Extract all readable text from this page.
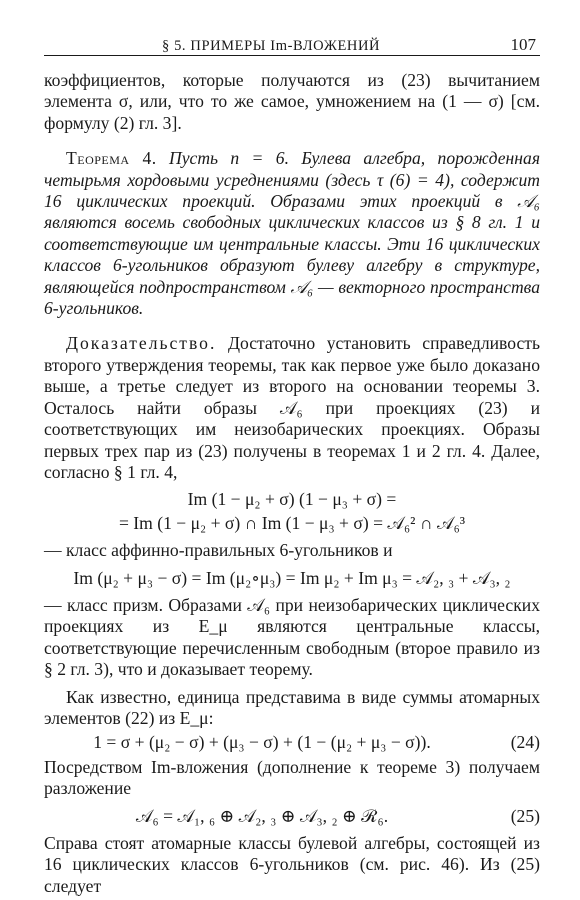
§ 5. ПРИМЕРЫ Im-ВЛОЖЕНИЙ	107

коэффициентов, которые получаются из (23) вычитанием элемента σ, или, что то же самое, умножением на (1 — σ) [см. формулу (2) гл. 3].

Теорема 4. Пусть n = 6. Булева алгебра, порожденная четырьмя хордовыми усреднениями (здесь τ (6) = 4), содержит 16 циклических проекций. Образами этих проекций в 𝒜₆ являются восемь свободных циклических классов из § 8 гл. 1 и соответствующие им центральные классы. Эти 16 циклических классов 6-угольников образуют булеву алгебру в структуре, являющейся подпространством 𝒜₆ — векторного пространства 6-угольников.

Доказательство. Достаточно установить справедливость второго утверждения теоремы, так как первое уже было доказано выше, а третье следует из второго на основании теоремы 3. Осталось найти образы 𝒜₆ при проекциях (23) и соответствующих им неизобарических проекциях. Образы первых трех пар из (23) получены в теоремах 1 и 2 гл. 4. Далее, согласно § 1 гл. 4,

Im (1 − μ₂ + σ) (1 − μ₃ + σ) =
= Im (1 − μ₂ + σ) ∩ Im (1 − μ₃ + σ) = 𝒜₆² ∩ 𝒜₆³

— класс аффинно-правильных 6-угольников и

Im (μ₂ + μ₃ − σ) = Im (μ₂∘μ₃) = Im μ₂ + Im μ₃ = 𝒜₂, ₃ + 𝒜₃, ₂

— класс призм. Образами 𝒜₆ при неизобарических циклических проекциях из E_μ являются центральные классы, соответствующие перечисленным свободным (второе правило из § 2 гл. 3), что и доказывает теорему.

Как известно, единица представима в виде суммы атомарных элементов (22) из E_μ:

1 = σ + (μ₂ − σ) + (μ₃ − σ) + (1 − (μ₂ + μ₃ − σ)).	(24)

Посредством Im-вложения (дополнение к теореме 3) получаем разложение

𝒜₆ = 𝒜₁, ₆ ⊕ 𝒜₂, ₃ ⊕ 𝒜₃, ₂ ⊕ ℛ₆.	(25)

Справа стоят атомарные классы булевой алгебры, состоящей из 16 циклических классов 6-угольников (см. рис. 46). Из (25) следует
